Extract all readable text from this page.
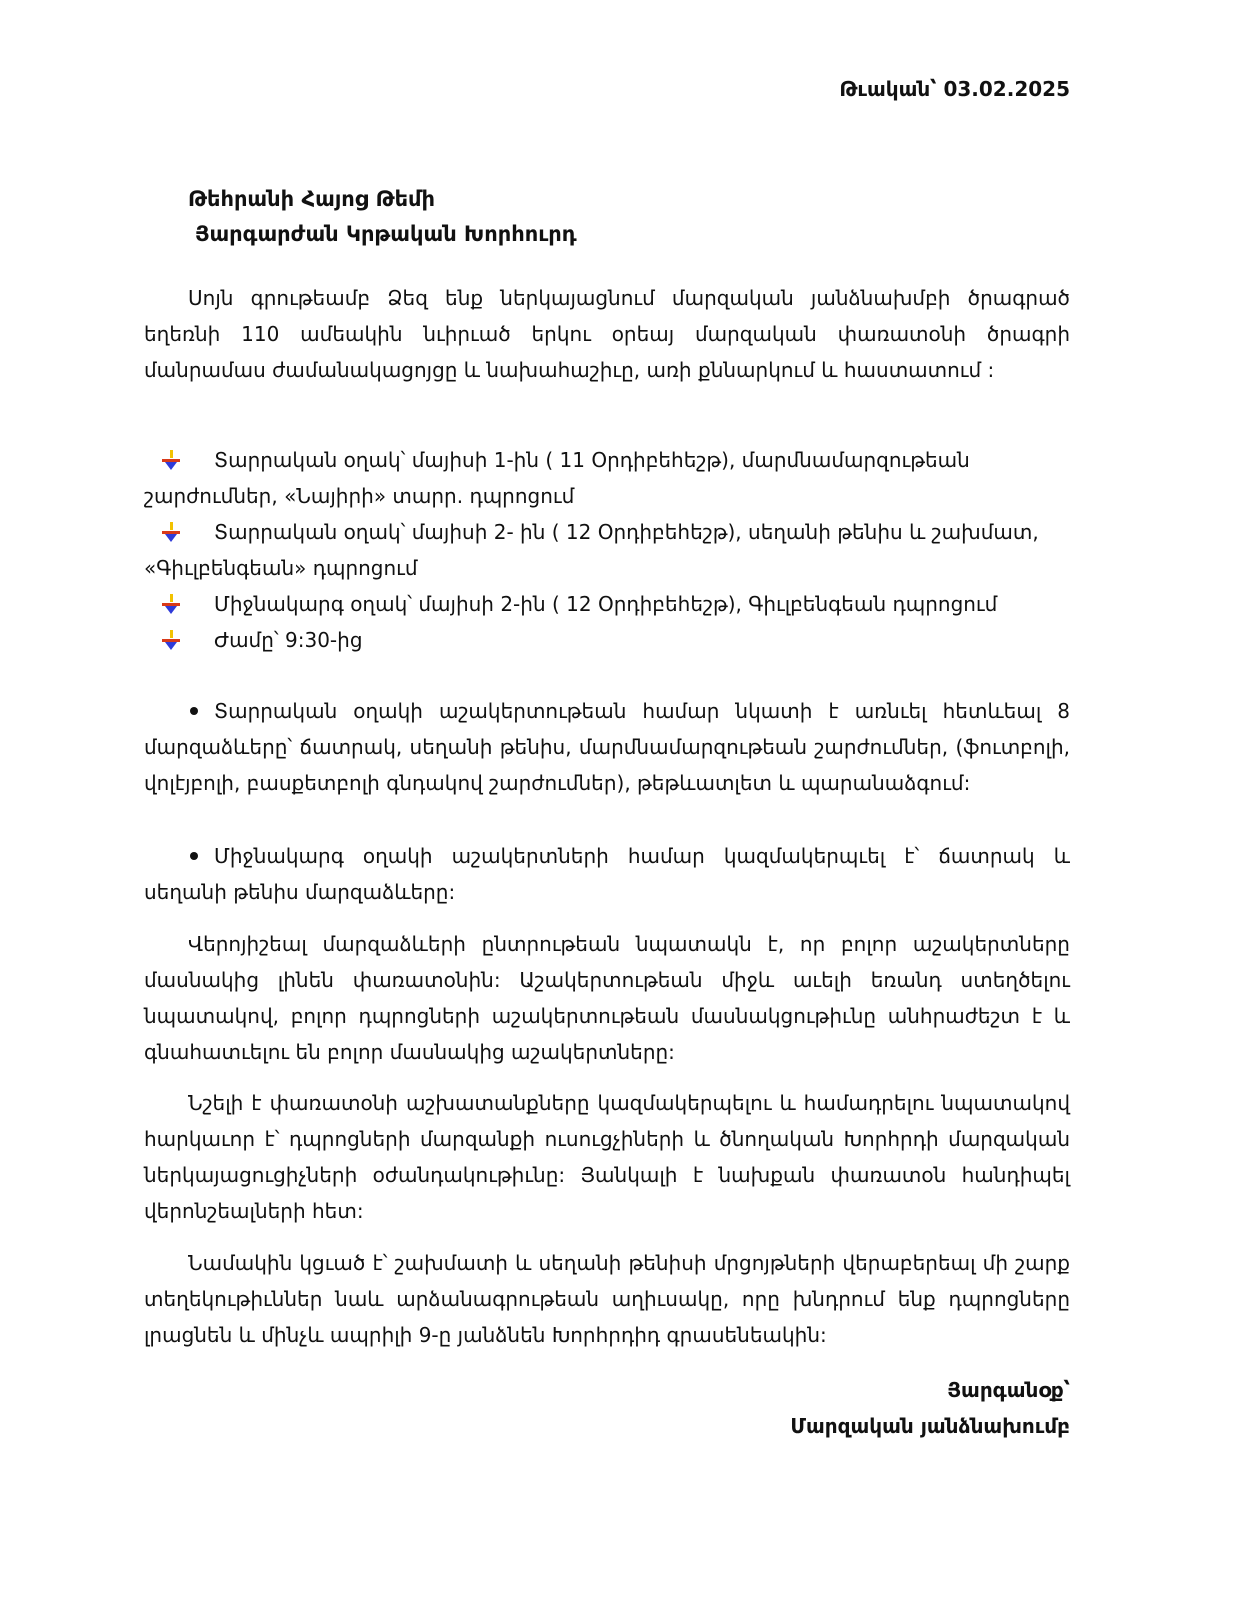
Թւական՝ 03.02.2025
Թեհրանի Հայոց Թեմի
Յարգարժան Կրթական Խորհուրդ
Սոյն գրութեամբ Ձեզ ենք ներկայացնում մարզական յանձնախմբի ծրագրած եղեռնի 110 ամեակին նւիրւած երկու օրեայ մարզական փառատօնի ծրագրի մանրամաս ժամանակացոյցը և նախահաշիւը, առի քննարկում և հաստատում :
Տարրական օղակ՝ մայիսի 1-ին ( 11 Օրդիբեհեշթ), մարմնամարզութեան
շարժումներ, «Նայիրի» տարր. դպրոցում
Տարրական օղակ՝ մայիսի 2- ին ( 12 Օրդիբեհեշթ), սեղանի թենիս և շախմատ,
«Գիւլբենգեան» դպրոցում
Միջնակարգ օղակ՝ մայիսի 2-ին ( 12 Օրդիբեհեշթ), Գիւլբենգեան դպրոցում
Ժամը՝ 9:30-ից
Տարրական օղակի աշակերտութեան համար նկատի է առնւել հետևեալ 8 մարզաձևերը՝ ճատրակ, սեղանի թենիս, մարմնամարզութեան շարժումներ, (ֆուտբոլի, վոլէյբոլի, բասքետբոլի գնդակով շարժումներ), թեթևատլետ և պարանաձգում:
Միջնակարգ օղակի աշակերտների համար կազմակերպւել է՝ ճատրակ և սեղանի թենիս մարզաձևերը:
Վերոյիշեալ մարզաձևերի ընտրութեան նպատակն է, որ բոլոր աշակերտները մասնակից լինեն փառատօնին: Աշակերտութեան միջև աւելի եռանդ ստեղծելու նպատակով, բոլոր դպրոցների աշակերտութեան մասնակցութիւնը անհրաժեշտ է և գնահատւելու են բոլոր մասնակից աշակերտները:
Նշելի է փառատօնի աշխատանքները կազմակերպելու և համադրելու նպատակով հարկաւոր է՝ դպրոցների մարզանքի ուսուցչիների և ծնողական Խորհրդի մարզական ներկայացուցիչների օժանդակութիւնը: Յանկալի է նախքան փառատօն հանդիպել վերոնշեալների հետ:
Նամակին կցւած է՝ շախմատի և սեղանի թենիսի մրցոյթների վերաբերեալ մի շարք տեղեկութիւններ նաև արձանագրութեան աղիւսակը, որը խնդրում ենք դպրոցները լրացնեն և մինչև ապրիլի 9-ը յանձնեն Խորհրդիդ գրասենեակին:
Յարգանօք՝
Մարզական յանձնախումբ
